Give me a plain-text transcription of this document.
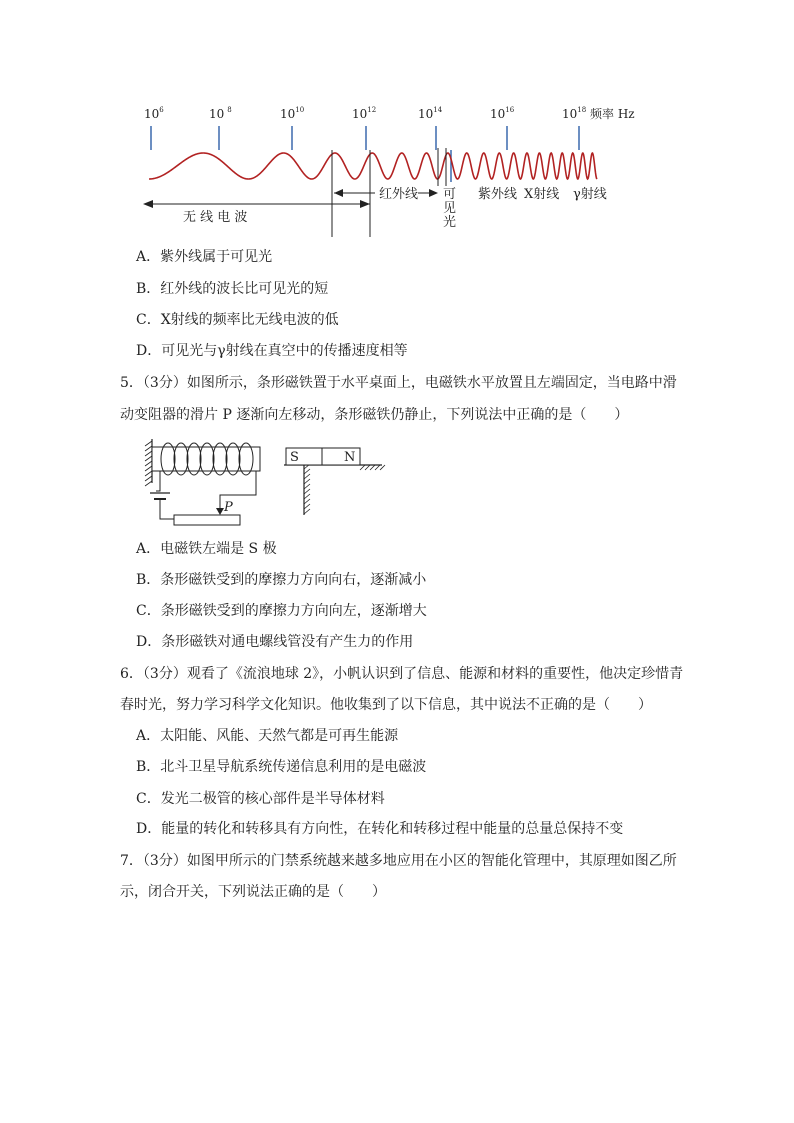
$10^6$	10 $^8$	$10^{10}$	$10^{12}$	$10^{14}$	$10^{16}$	$10^{18}$ 频率 Hz
无 线 电 波
红外线 可
见
光
紫外线 X射线 γ射线
A．紫外线属于可见光
B．红外线的波长比可见光的短
C．X射线的频率比无线电波的低
D．可见光与γ射线在真空中的传播速度相等
5．（3分）如图所示，条形磁铁置于水平桌面上，电磁铁水平放置且左端固定，当电路中滑
动变阻器的滑片 P 逐渐向左移动，条形磁铁仍静止，下列说法中正确的是（　　）
P
S	N
A．电磁铁左端是 S 极
B．条形磁铁受到的摩擦力方向向右，逐渐减小
C．条形磁铁受到的摩擦力方向向左，逐渐增大
D．条形磁铁对通电螺线管没有产生力的作用
6．（3分）观看了《流浪地球 2》，小帆认识到了信息、能源和材料的重要性，他决定珍惜青
春时光，努力学习科学文化知识。他收集到了以下信息，其中说法不正确的是（　　）
A．太阳能、风能、天然气都是可再生能源
B．北斗卫星导航系统传递信息利用的是电磁波
C．发光二极管的核心部件是半导体材料
D．能量的转化和转移具有方向性，在转化和转移过程中能量的总量总保持不变
7．（3分）如图甲所示的门禁系统越来越多地应用在小区的智能化管理中，其原理如图乙所
示，闭合开关，下列说法正确的是（　　）
